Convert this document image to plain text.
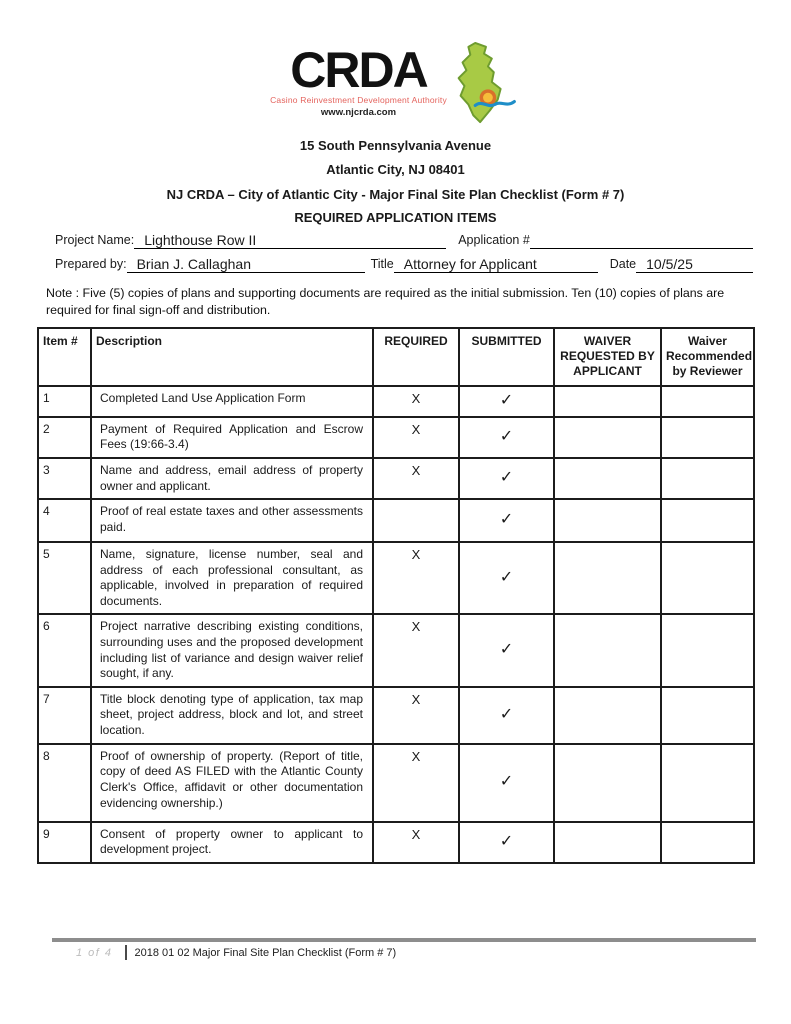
CRDA
Casino Reinvestment Development Authority
www.njcrda.com
15 South Pennsylvania Avenue
Atlantic City, NJ 08401
NJ CRDA – City of Atlantic City - Major Final Site Plan Checklist (Form # 7)
REQUIRED APPLICATION ITEMS
Project Name: Lighthouse Row II	Application #
Prepared by: Brian J. Callaghan	Title Attorney for Applicant	Date 10/5/25
Note : Five (5) copies of plans and supporting documents are required as the initial submission. Ten (10) copies of plans are required for final sign-off and distribution.
Item #	Description	REQUIRED	SUBMITTED	WAIVER REQUESTED BY APPLICANT	Waiver Recommended by Reviewer
1	Completed Land Use Application Form	X	✓		
2	Payment of Required Application and Escrow Fees (19:66-3.4)	X	✓		
3	Name and address, email address of property owner and applicant.	X	✓		
4	Proof of real estate taxes and other assessments paid.		✓		
5	Name, signature, license number, seal and address of each professional consultant, as applicable, involved in preparation of required documents.	X	✓		
6	Project narrative describing existing conditions, surrounding uses and the proposed development including list of variance and design waiver relief sought, if any.	X	✓		
7	Title block denoting type of application, tax map sheet, project address, block and lot, and street location.	X	✓		
8	Proof of ownership of property. (Report of title, copy of deed AS FILED with the Atlantic County Clerk's Office, affidavit or other documentation evidencing ownership.)	X	✓		
9	Consent of property owner to applicant to development project.	X	✓		
1 of 4 2018 01 02 Major Final Site Plan Checklist (Form # 7)
